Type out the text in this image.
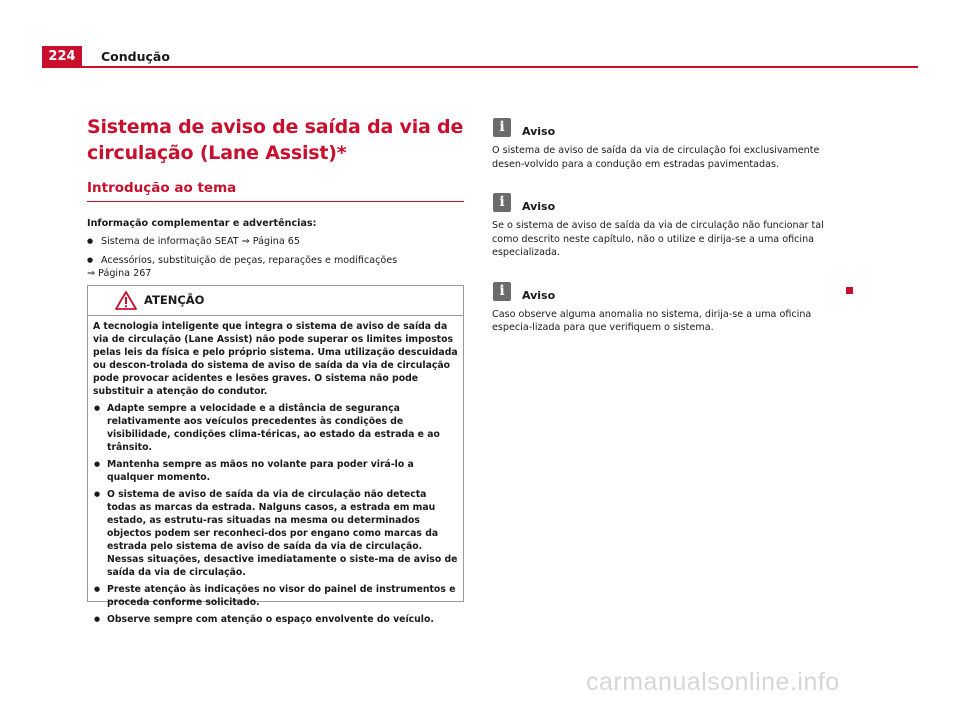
224	Condução
Sistema de aviso de saída da via de
circulação (Lane Assist)*
Introdução ao tema

Informação complementar e advertências:

● Sistema de informação SEAT ⇒ Página 65

● Acessórios, substituição de peças, reparações e modificações

⇒ Página 267

ATENÇÃO

A tecnologia inteligente que integra o sistema de aviso de saída da via de circulação (Lane Assist) não pode superar os limites impostos pelas leis da física e pelo próprio sistema. Uma utilização descuidada ou descon-trolada do sistema de aviso de saída da via de circulação pode provocar acidentes e lesões graves. O sistema não pode substituir a atenção do condutor.

● Adapte sempre a velocidade e a distância de segurança relativamente aos veículos precedentes às condições de visibilidade, condições clima-téricas, ao estado da estrada e ao trânsito.

● Mantenha sempre as mãos no volante para poder virá-lo a qualquer momento.

● O sistema de aviso de saída da via de circulação não detecta todas as marcas da estrada. Nalguns casos, a estrada em mau estado, as estrutu-ras situadas na mesma ou determinados objectos podem ser reconheci-dos por engano como marcas da estrada pelo sistema de aviso de saída da via de circulação. Nessas situações, desactive imediatamente o siste-ma de aviso de saída da via de circulação.

● Preste atenção às indicações no visor do painel de instrumentos e proceda conforme solicitado.

● Observe sempre com atenção o espaço envolvente do veículo.

i	Aviso

O sistema de aviso de saída da via de circulação foi exclusivamente desen-volvido para a condução em estradas pavimentadas.

i	Aviso

Se o sistema de aviso de saída da via de circulação não funcionar tal como descrito neste capítulo, não o utilize e dirija-se a uma oficina especializada.

i	Aviso

Caso observe alguma anomalia no sistema, dirija-se a uma oficina especia-lizada para que verifiquem o sistema.

carmanualsonline.info
